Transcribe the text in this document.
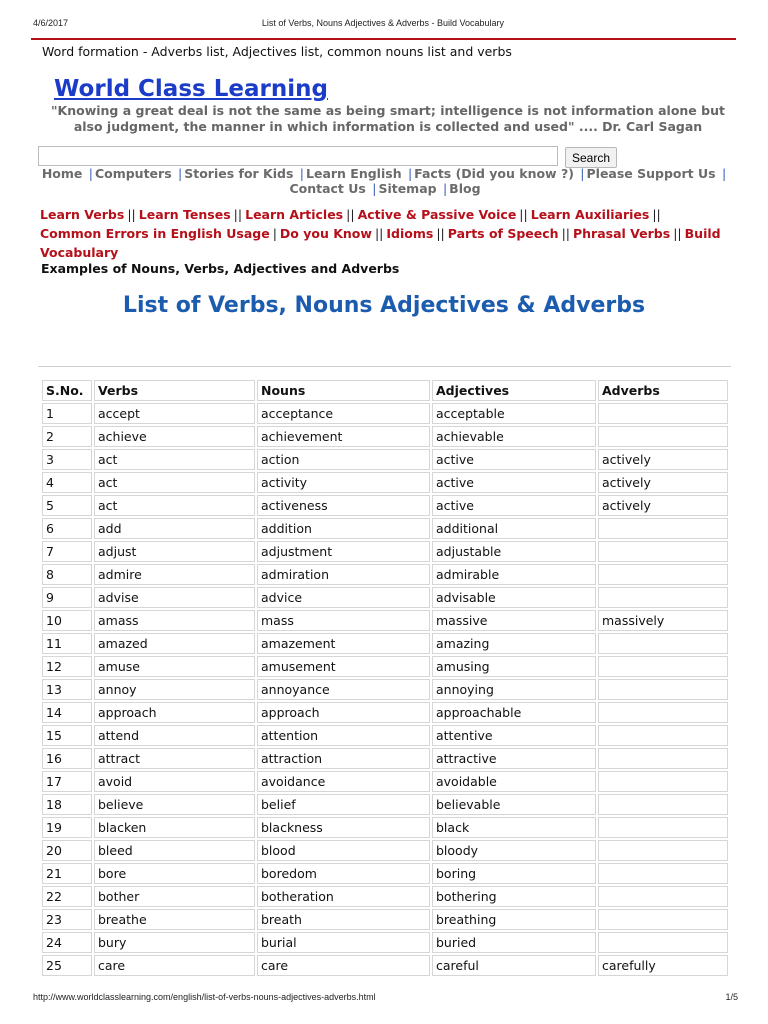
4/6/2017	List of Verbs, Nouns Adjectives & Adverbs - Build Vocabulary
Word formation - Adverbs list, Adjectives list, common nouns list and verbs
World Class Learning
"Knowing a great deal is not the same as being smart; intelligence is not information alone but also judgment, the manner in which information is collected and used" .... Dr. Carl Sagan
Search
Home | Computers | Stories for Kids | Learn English | Facts (Did you know ?) | Please Support Us |
Contact Us | Sitemap | Blog
Learn Verbs || Learn Tenses || Learn Articles || Active & Passive Voice || Learn Auxiliaries ||
Common Errors in English Usage | Do you Know || Idioms || Parts of Speech || Phrasal Verbs || Build Vocabulary
Examples of Nouns, Verbs, Adjectives and Adverbs
List of Verbs, Nouns Adjectives & Adverbs
S.No.	Verbs	Nouns	Adjectives	Adverbs
1	accept	acceptance	acceptable	
2	achieve	achievement	achievable	
3	act	action	active	actively
4	act	activity	active	actively
5	act	activeness	active	actively
6	add	addition	additional	
7	adjust	adjustment	adjustable	
8	admire	admiration	admirable	
9	advise	advice	advisable	
10	amass	mass	massive	massively
11	amazed	amazement	amazing	
12	amuse	amusement	amusing	
13	annoy	annoyance	annoying	
14	approach	approach	approachable	
15	attend	attention	attentive	
16	attract	attraction	attractive	
17	avoid	avoidance	avoidable	
18	believe	belief	believable	
19	blacken	blackness	black	
20	bleed	blood	bloody	
21	bore	boredom	boring	
22	bother	botheration	bothering	
23	breathe	breath	breathing	
24	bury	burial	buried	
25	care	care	careful	carefully
http://www.worldclasslearning.com/english/list-of-verbs-nouns-adjectives-adverbs.html	1/5
